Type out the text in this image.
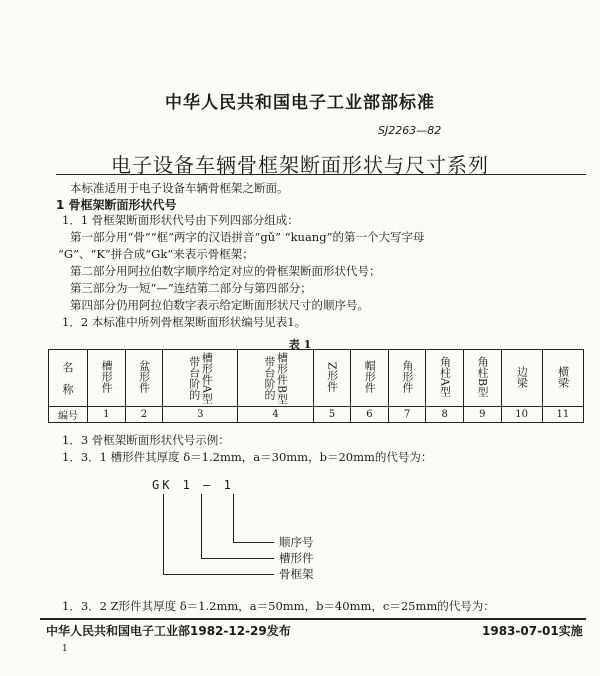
中华人民共和国电子工业部部标准
SJ2263—82
电子设备车辆骨框架断面形状与尺寸系列
本标准适用于电子设备车辆骨框架之断面。
1 骨框架断面形状代号
1．1 骨框架断面形状代号由下列四部分组成：
第一部分用“骨”“框”两字的汉语拼音“gǔ” “kuang”的第一个大写字母
“G”、“K”拼合成“Gk”来表示骨框架；
第二部分用阿拉伯数字顺序给定对应的骨框架断面形状代号；
第三部分为一短“—”连结第二部分与第四部分；
第四部分仍用阿拉伯数字表示给定断面形状尺寸的顺序号。
1．2 本标准中所列骨框架断面形状编号见表1。
表 1
名
称	槽形件	盆形件	带台阶的 槽形件A型	带台阶的 槽形件B型	Z形件	帽形件	角形件	角柱A型	角柱B型	边梁	横梁
编号	1	2	3	4	5	6	7	8	9	10	11
1．3 骨框架断面形状代号示例：
1．3．1 槽形件其厚度 δ＝1.2mm，a＝30mm，b＝20mm的代号为：
GK 1 — 1
顺序号
槽形件
骨框架
1．3．2 Z形件其厚度 δ＝1.2mm，a＝50mm，b＝40mm，c＝25mm的代号为：
中华人民共和国电子工业部1982-12-29发布	1983-07-01实施
1
